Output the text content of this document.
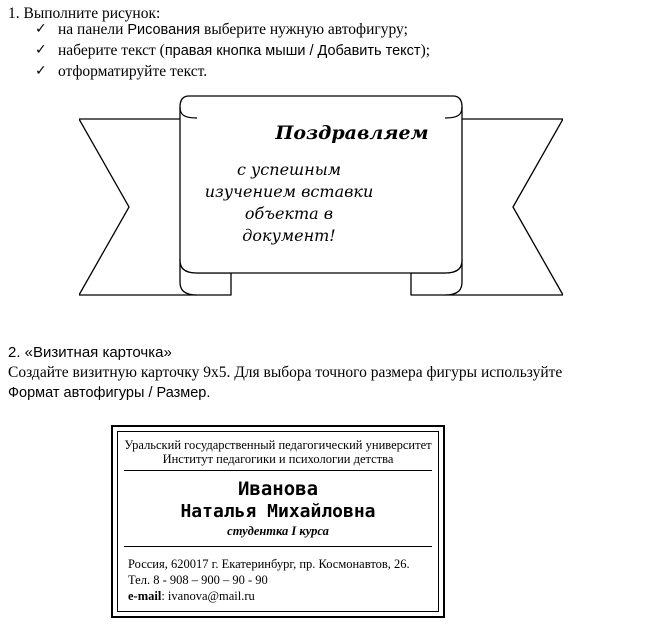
1. Выполните рисунок:
✓ на панели Рисования выберите нужную автофигуру;
✓ наберите текст (правая кнопка мыши / Добавить текст);
✓ отформатируйте текст.
Поздравляем
с успешным
изучением вставки
объекта в
документ!
2. «Визитная карточка»
Создайте визитную карточку 9х5. Для выбора точного размера фигуры используйте
Формат автофигуры / Размер.
Уральский государственный педагогический университет
Институт педагогики и психологии детства
Иванова
Наталья Михайловна
студентка I курса
Россия, 620017 г. Екатеринбург, пр. Космонавтов, 26.
Тел. 8 - 908 – 900 – 90 - 90
e-mail: ivanova@mail.ru
